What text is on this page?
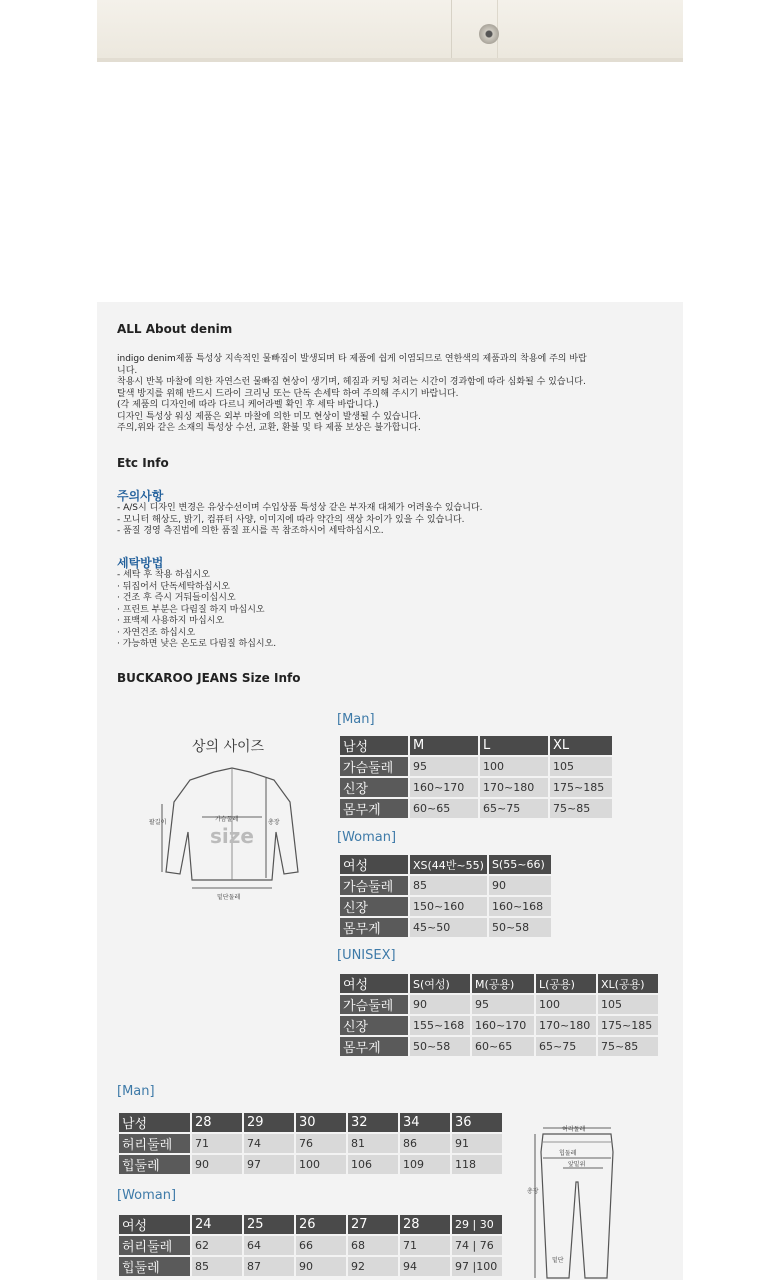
ALL About denim
indigo denim제품 특성상 지속적인 물빠짐이 발생되며 타 제품에 쉽게 이염되므로 연한색의 제품과의 착용에 주의 바랍
니다.
착용시 반복 마찰에 의한 자연스런 물빠짐 현상이 생기며, 헤짐과 커팅 처리는 시간이 경과함에 따라 심화될 수 있습니다.
탈색 방지를 위해 반드시 드라이 크리닝 또는 단독 손세탁 하여 주의해 주시기 바랍니다.
(각 제품의 디자인에 따라 다르니 케어라벨 확인 후 세탁 바랍니다.)
디자인 특성상 워싱 제품은 외부 마찰에 의한 미모 현상이 발생될 수 있습니다.
주의,위와 같은 소재의 특성상 수선, 교환, 환불 및 타 제품 보상은 불가합니다.
Etc Info
주의사항
- A/S시 디자인 변경은 유상수선이며 수입상품 특성상 같은 부자재 대체가 어려울수 있습니다.
- 모니터 해상도, 밝기, 컴퓨터 사양, 이미지에 따라 약간의 색상 차이가 있을 수 있습니다.
- 품질 경영 측진법에 의한 품질 표시를 꼭 참조하시어 세탁하십시오.
세탁방법
- 세탁 후 착용 하십시오
· 뒤집어서 단독세탁하십시오
· 건조 후 즉시 거둬들이십시오
· 프린트 부분은 다림질 하지 마십시오
· 표백제 사용하지 마십시오
· 자연건조 하십시오
· 가능하면 낮은 온도로 다림질 하십시오.
BUCKAROO JEANS Size Info
상의 사이즈
가슴둘레	총장
팔길이
밑단둘레
size
[Man]
남성	M	L	XL
가슴둘레	95	100	105
신장	160~170	170~180	175~185
몸무게	60~65	65~75	75~85
[Woman]
여성	XS(44반~55)	S(55~66)
가슴둘레	85	90
신장	150~160	160~168
몸무게	45~50	50~58
[UNISEX]
여성	S(여성)	M(공용)	L(공용)	XL(공용)
가슴둘레	90	95	100	105
신장	155~168	160~170	170~180	175~185
몸무게	50~58	60~65	65~75	75~85
[Man]
남성	28	29	30	32	34	36
허리둘레	71	74	76	81	86	91
힙둘레	90	97	100	106	109	118
[Woman]
여성	24	25	26	27	28	29 | 30
허리둘레	62	64	66	68	71	74 | 76
힙둘레	85	87	90	92	94	97 |100
허리둘레
힙둘레
앞밑위
총장
밑단
